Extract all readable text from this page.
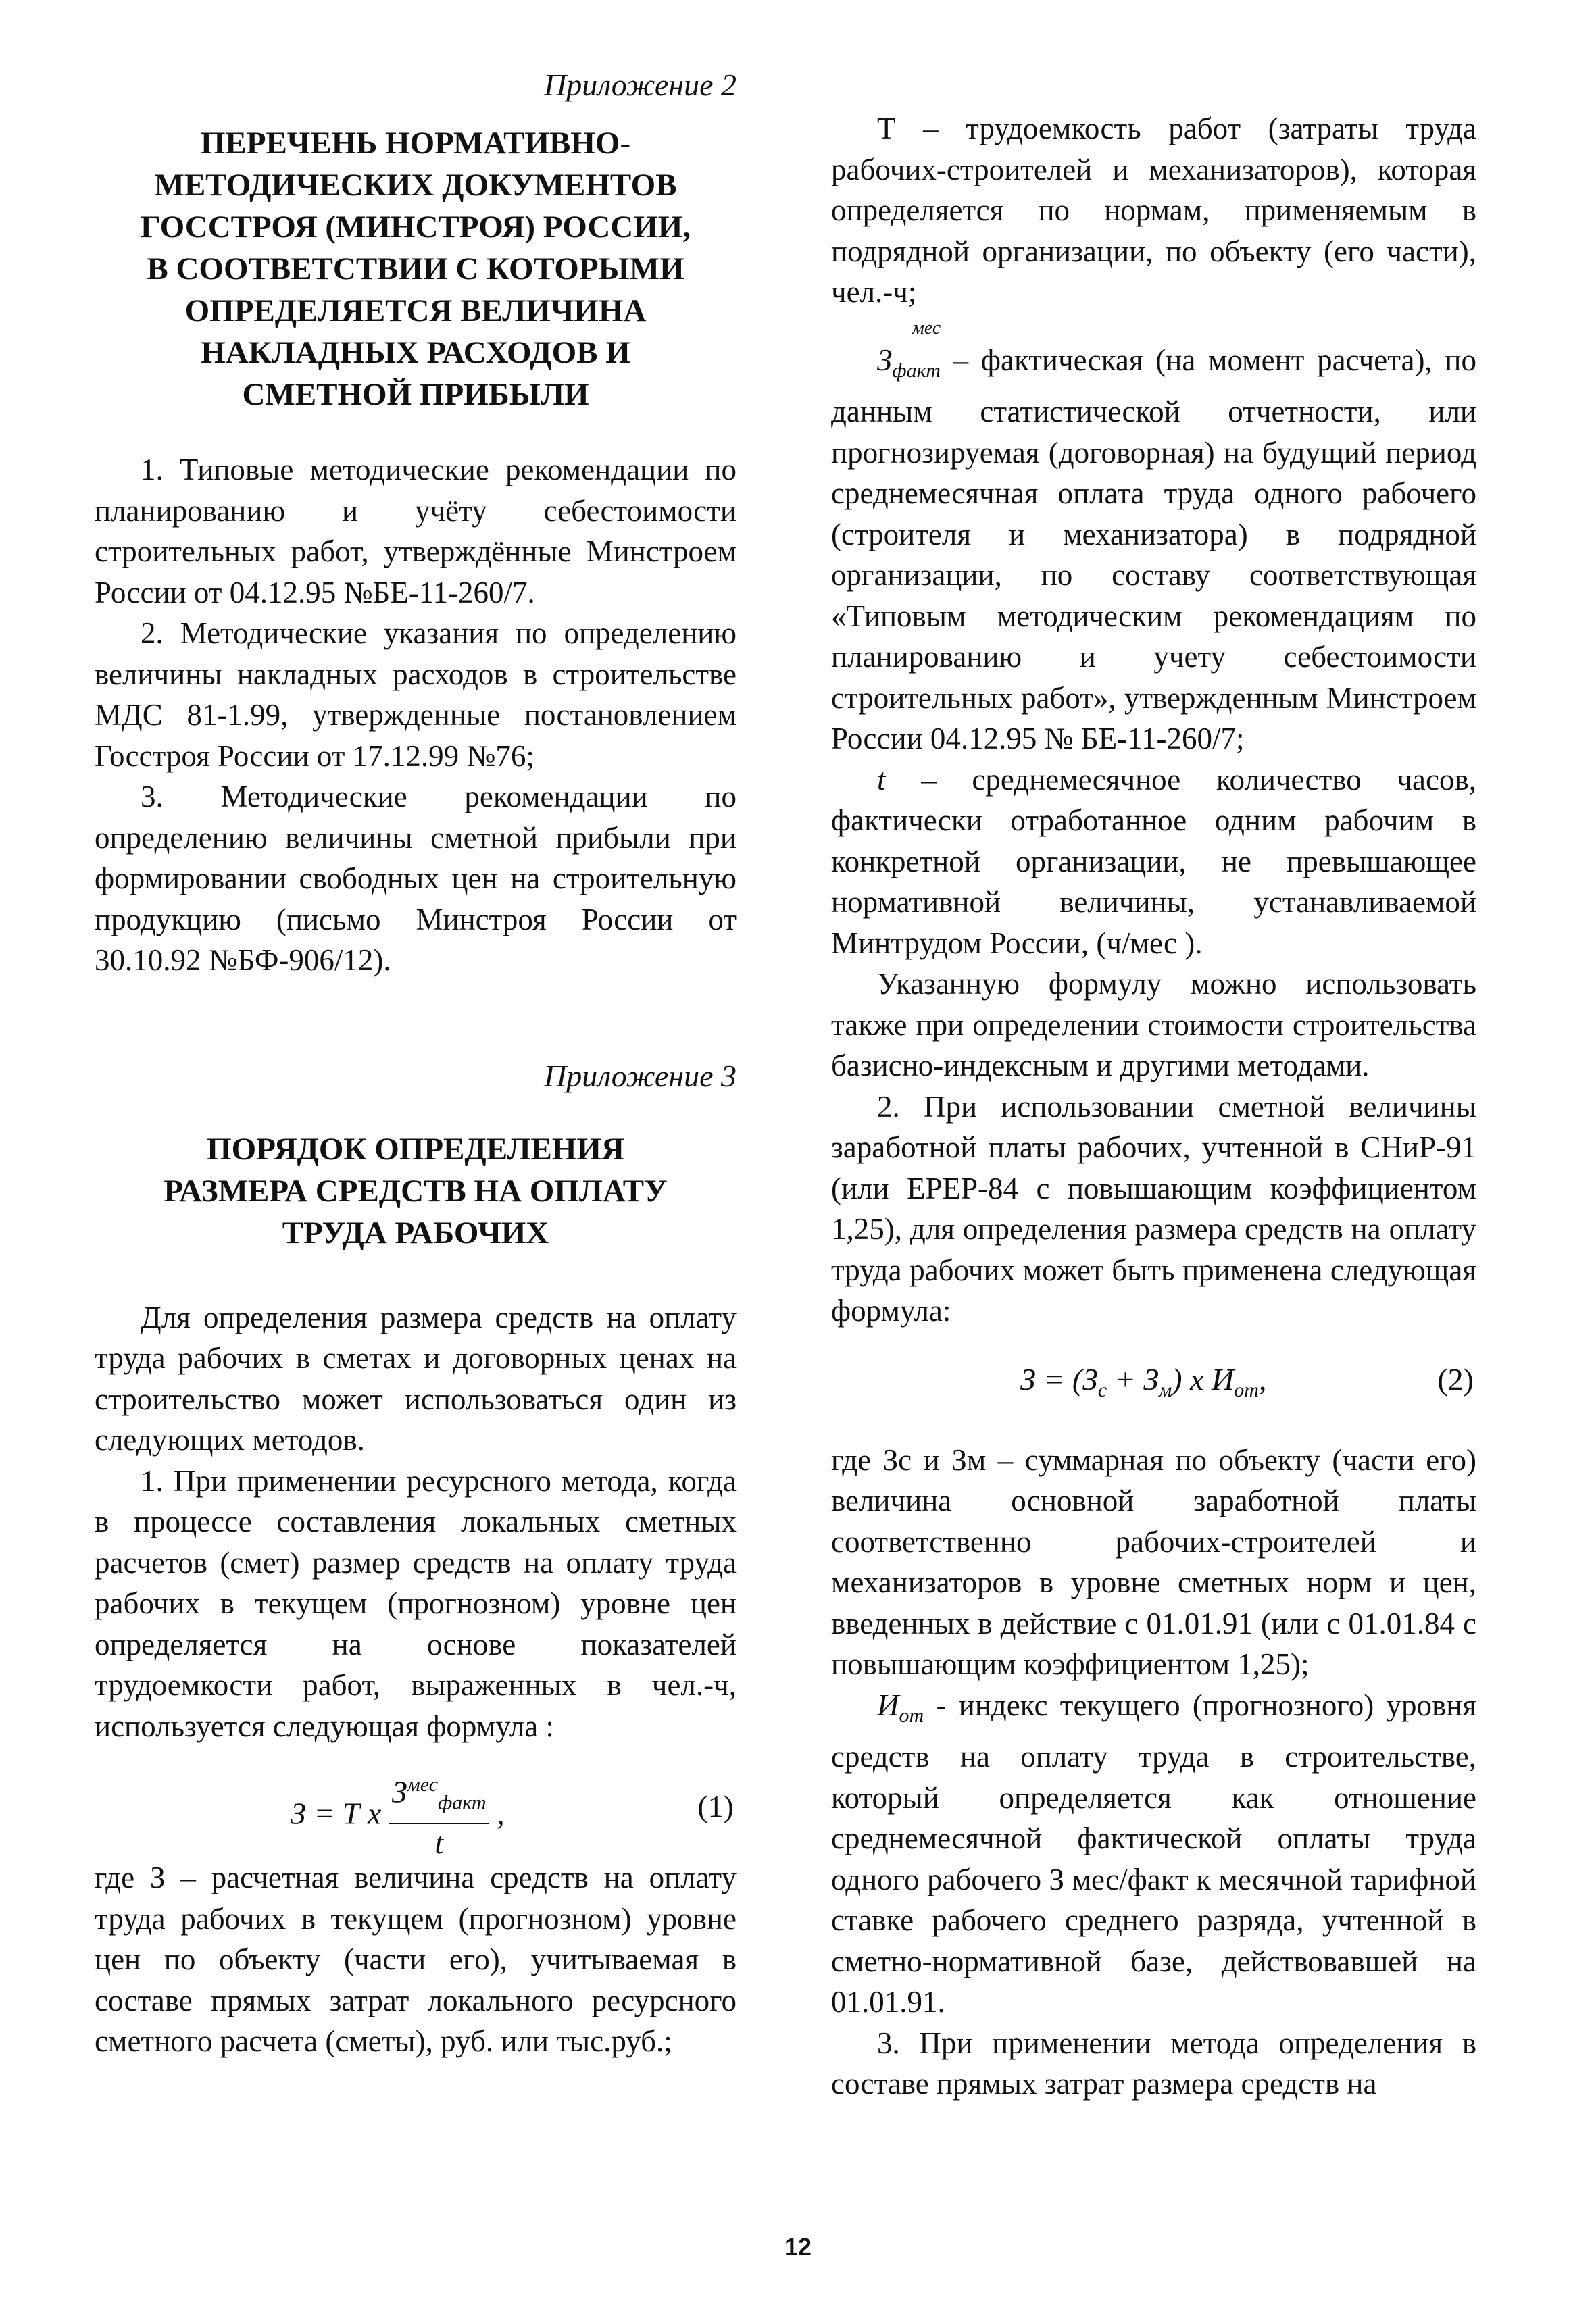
Приложение 2
ПЕРЕЧЕНЬ НОРМАТИВНО-
МЕТОДИЧЕСКИХ ДОКУМЕНТОВ
ГОССТРОЯ (МИНСТРОЯ) РОССИИ,
В СООТВЕТСТВИИ С КОТОРЫМИ
ОПРЕДЕЛЯЕТСЯ ВЕЛИЧИНА
НАКЛАДНЫХ РАСХОДОВ И
СМЕТНОЙ ПРИБЫЛИ

1. Типовые методические рекомендации по планированию и учёту себестоимости строительных работ, утверждённые Минстроем России от 04.12.95 №БЕ-11-260/7.

2. Методические указания по определению величины накладных расходов в строительстве МДС 81-1.99, утвержденные постановлением Госстроя России от 17.12.99 №76;

3. Методические рекомендации по определению величины сметной прибыли при формировании свободных цен на строительную продукцию (письмо Минстроя России от 30.10.92 №БФ-906/12).

Приложение 3
ПОРЯДОК ОПРЕДЕЛЕНИЯ
РАЗМЕРА СРЕДСТВ НА ОПЛАТУ
ТРУДА РАБОЧИХ

Для определения размера средств на оплату труда рабочих в сметах и договорных ценах на строительство может использоваться один из следующих методов.

1. При применении ресурсного метода, когда в процессе составления локальных сметных расчетов (смет) размер средств на оплату труда рабочих в текущем (прогнозном) уровне цен определяется на основе показателей трудоемкости работ, выраженных в чел.-ч, используется следующая формула :

З = Т х $\frac{З^{мес}_{факт}}{t}$ ,	(1)

где З – расчетная величина средств на оплату труда рабочих в текущем (прогнозном) уровне цен по объекту (части его), учитываемая в составе прямых затрат локального ресурсного сметного расчета (сметы), руб. или тыс.руб.;

Т – трудоемкость работ (затраты труда рабочих-строителей и механизаторов), которая определяется по нормам, применяемым в подрядной организации, по объекту (его части), чел.-ч;

мес

$З_{факт}$ – фактическая (на момент расчета), по данным статистической отчетности, или прогнозируемая (договорная) на будущий период среднемесячная оплата труда одного рабочего (строителя и механизатора) в подрядной организации, по составу соответствующая «Типовым методическим рекомендациям по планированию и учету себестоимости строительных работ», утвержденным Минстроем России 04.12.95 № БЕ-11-260/7;

t – среднемесячное количество часов, фактически отработанное одним рабочим в конкретной организации, не превышающее нормативной величины, устанавливаемой Минтрудом России, (ч/мес ).

Указанную формулу можно использовать также при определении стоимости строительства базисно-индексным и другими методами.

2. При использовании сметной величины заработной платы рабочих, учтенной в СНиР-91 (или ЕРЕР-84 с повышающим коэффициентом 1,25), для определения размера средств на оплату труда рабочих может быть применена следующая формула:

$З = (З_с + З_м)$ х $И_{от}$,	(2)

где Зс и Зм – суммарная по объекту (части его) величина основной заработной платы соответственно рабочих-строителей и механизаторов в уровне сметных норм и цен, введенных в действие с 01.01.91 (или с 01.01.84 с повышающим коэффициентом 1,25);

$И_{от}$ - индекс текущего (прогнозного) уровня средств на оплату труда в строительстве, который определяется как отношение среднемесячной фактической оплаты труда одного рабочего З мес/факт к месячной тарифной ставке рабочего среднего разряда, учтенной в сметно-нормативной базе, действовавшей на 01.01.91.

3. При применении метода определения в составе прямых затрат размера средств на

12
